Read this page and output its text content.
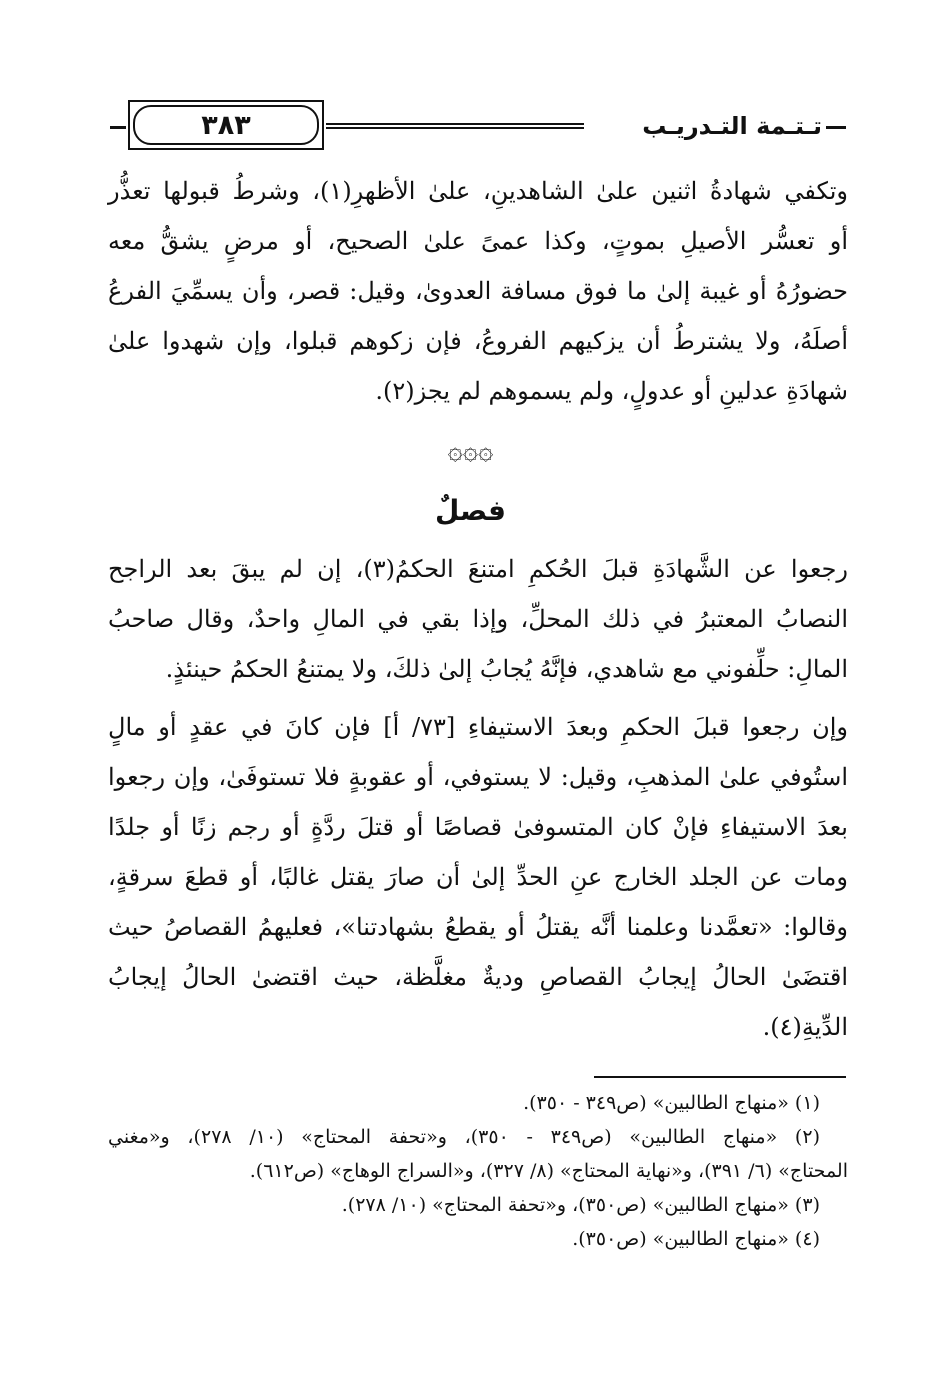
٣٨٣	تـتـمة التـدريـب
وتكفي شهادةُ اثنين علىٰ الشاهدينِ، علىٰ الأظهرِ(١)، وشرطُ قبولها تعذُّر
أو تعسُّر الأصيلِ بموتٍ، وكذا عمىً علىٰ الصحيح، أو مرضٍ يشقُّ معه
حضورُهُ أو غيبة إلىٰ ما فوق مسافة العدوىٰ، وقيل: قصر، وأن يسمِّيَ الفرعُ
أصلَهُ، ولا يشترطُ أن يزكيهم الفروعُ، فإن زكوهم قبلوا، وإن شهدوا علىٰ
شهادَةِ عدلينِ أو عدولٍ، ولم يسموهم لم يجز(٢).
۞۞۞
فصلٌ
رجعوا عن الشَّهادَةِ قبلَ الحُكمِ امتنعَ الحكمُ(٣)، إن لم يبقَ بعد الراجح
النصابُ المعتبرُ في ذلك المحلِّ، وإذا بقي في المالِ واحدٌ، وقال صاحبُ
المالِ: حلِّفوني مع شاهدي، فإنَّهُ يُجابُ إلىٰ ذلكَ، ولا يمتنعُ الحكمُ حينئذٍ.
وإن رجعوا قبلَ الحكمِ وبعدَ الاستيفاءِ [٧٣/ أ] فإن كانَ في عقدٍ أو مالٍ
استُوفي علىٰ المذهبِ، وقيل: لا يستوفي، أو عقوبةٍ فلا تستوفَىٰ، وإن رجعوا
بعدَ الاستيفاءِ فإنْ كان المتسوفىٰ قصاصًا أو قتلَ ردَّةٍ أو رجم زنًا أو جلدًا
ومات عن الجلد الخارج عنِ الحدِّ إلىٰ أن صارَ يقتل غالبًا، أو قطعَ سرقةٍ،
وقالوا: «تعمَّدنا وعلمنا أنَّه يقتلُ أو يقطعُ بشهادتنا»، فعليهمُ القصاصُ حيث
اقتضَىٰ الحالُ إيجابُ القصاصِ وديةٌ مغلَّظة، حيث اقتضىٰ الحالُ إيجابُ
الدِّيةِ(٤).
(١) «منهاج الطالبين» (ص٣٤٩ - ٣٥٠).
(٢) «منهاج الطالبين» (ص٣٤٩ - ٣٥٠)، و«تحفة المحتاج» (١٠/ ٢٧٨)، و«مغني
المحتاج» (٦/ ٣٩١)، و«نهاية المحتاج» (٨/ ٣٢٧)، و«السراج الوهاج» (ص٦١٢).
(٣) «منهاج الطالبين» (ص٣٥٠)، و«تحفة المحتاج» (١٠/ ٢٧٨).
(٤) «منهاج الطالبين» (ص٣٥٠).
